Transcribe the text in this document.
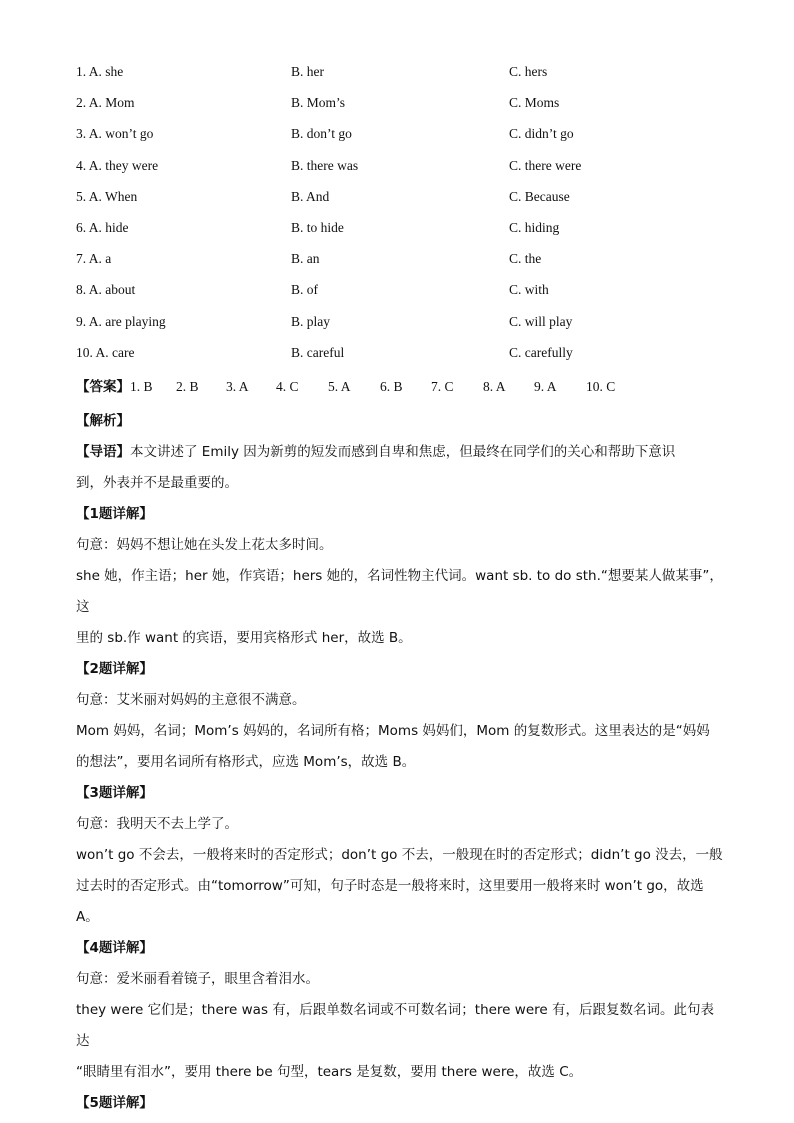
1. A. she	B. her	C. hers
2. A. Mom	B. Mom’s	C. Moms
3. A. won’t go	B. don’t go	C. didn’t go
4. A. they were	B. there was	C. there were
5. A. When	B. And	C. Because
6. A. hide	B. to hide	C. hiding
7. A. a	B. an	C. the
8. A. about	B. of	C. with
9. A. are playing	B. play	C. will play
10. A. care	B. careful	C. carefully
【答案】1. B 2. B 3. A 4. C 5. A 6. B 7. C 8. A 9. A 10. C

【解析】

【导语】本文讲述了 Emily 因为新剪的短发而感到自卑和焦虑，但最终在同学们的关心和帮助下意识

到，外表并不是最重要的。

【1题详解】

句意：妈妈不想让她在头发上花太多时间。

she 她，作主语；her 她，作宾语；hers 她的，名词性物主代词。want sb. to do sth.“想要某人做某事”，这

里的 sb.作 want 的宾语，要用宾格形式 her，故选 B。

【2题详解】

句意：艾米丽对妈妈的主意很不满意。

Mom 妈妈，名词；Mom’s 妈妈的，名词所有格；Moms 妈妈们，Mom 的复数形式。这里表达的是“妈妈

的想法”，要用名词所有格形式，应选 Mom’s，故选 B。

【3题详解】

句意：我明天不去上学了。

won’t go 不会去，一般将来时的否定形式；don’t go 不去，一般现在时的否定形式；didn’t go 没去，一般

过去时的否定形式。由“tomorrow”可知，句子时态是一般将来时，这里要用一般将来时 won’t go，故选

A。

【4题详解】

句意：爱米丽看着镜子，眼里含着泪水。

they were 它们是；there was 有，后跟单数名词或不可数名词；there were 有，后跟复数名词。此句表达

“眼睛里有泪水”，要用 there be 句型，tears 是复数，要用 there were，故选 C。

【5题详解】
